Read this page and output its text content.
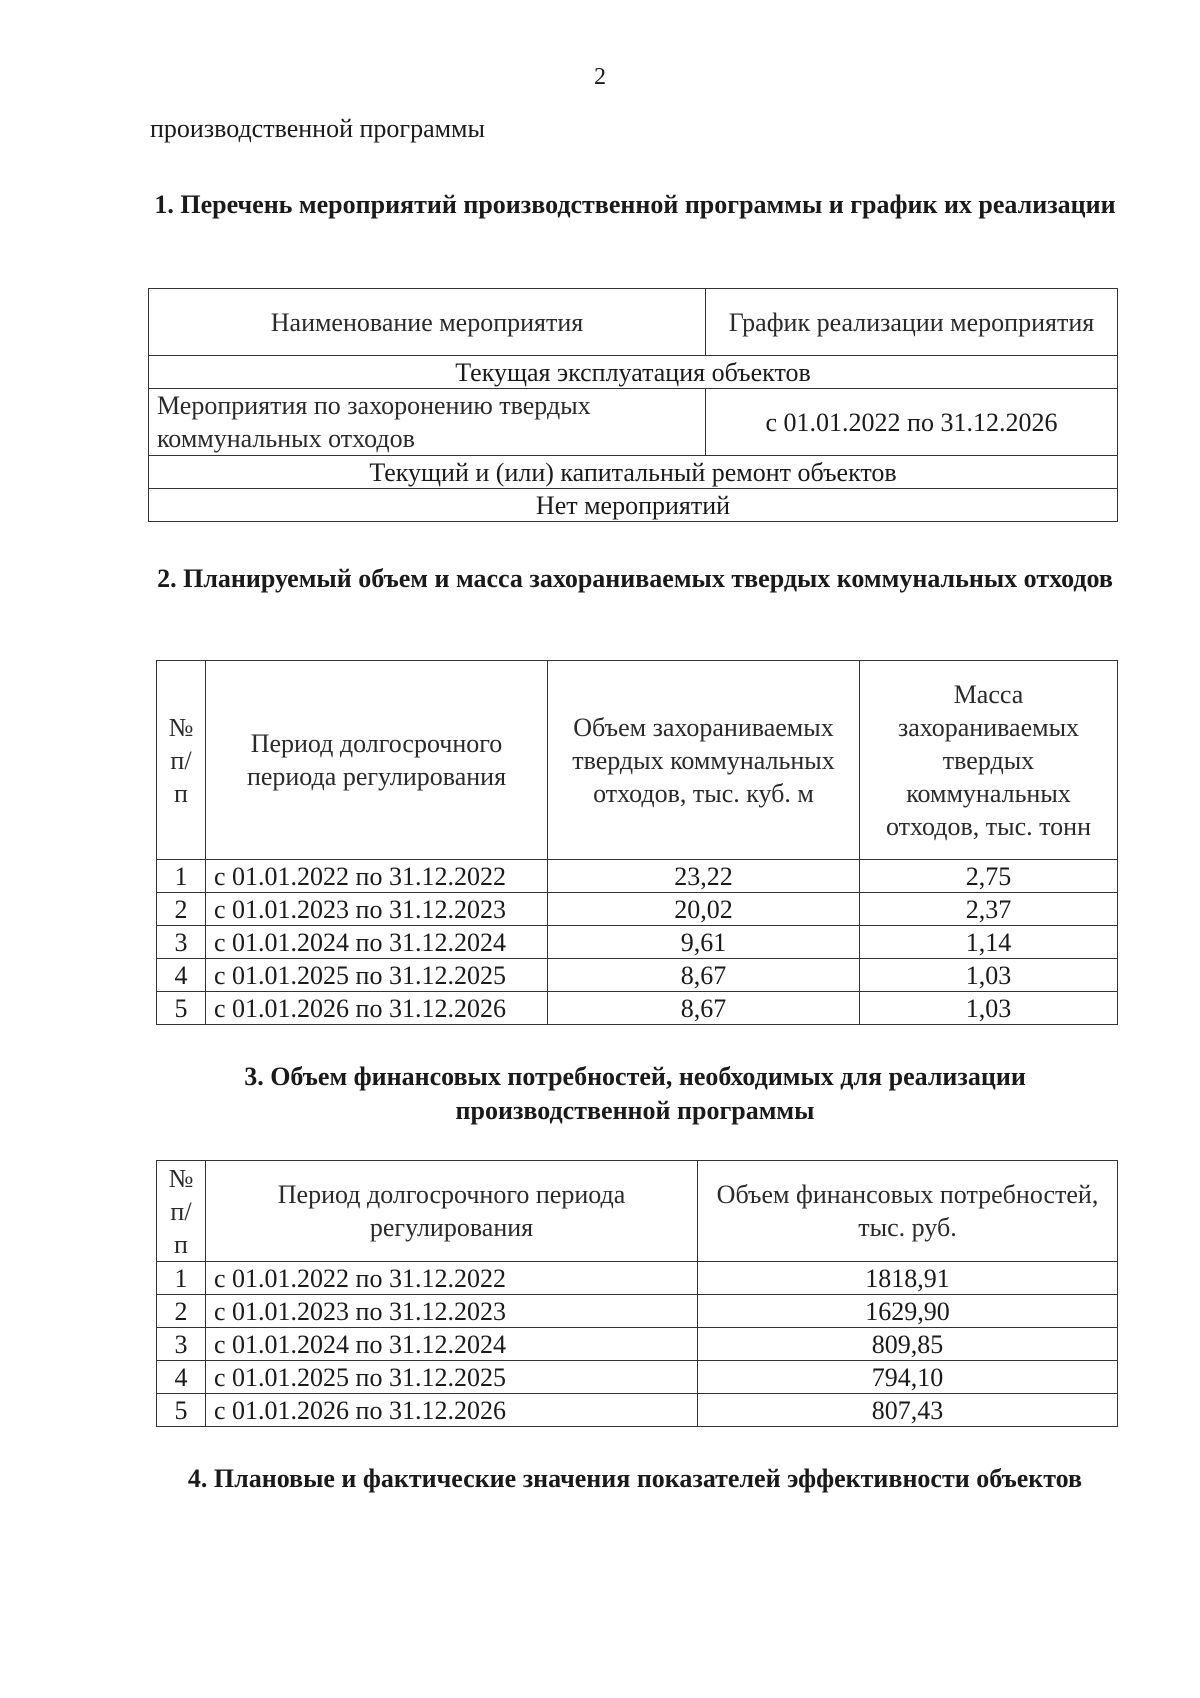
2
производственной программы
1. Перечень мероприятий производственной программы и график их реализации
Наименование мероприятия	График реализации мероприятия
Текущая эксплуатация объектов	
Мероприятия по захоронению твердых коммунальных отходов	с 01.01.2022 по 31.12.2026
Текущий и (или) капитальный ремонт объектов	
Нет мероприятий	
2. Планируемый объем и масса захораниваемых твердых коммунальных отходов
№ п/ п	Период долгосрочного периода регулирования	Объем захораниваемых твердых коммунальных отходов, тыс. куб. м	Масса захораниваемых твердых коммунальных отходов, тыс. тонн
1	с 01.01.2022 по 31.12.2022	23,22	2,75
2	с 01.01.2023 по 31.12.2023	20,02	2,37
3	с 01.01.2024 по 31.12.2024	9,61	1,14
4	с 01.01.2025 по 31.12.2025	8,67	1,03
5	с 01.01.2026 по 31.12.2026	8,67	1,03
3. Объем финансовых потребностей, необходимых для реализации производственной программы
№ п/ п	Период долгосрочного периода регулирования	Объем финансовых потребностей, тыс. руб.
1	с 01.01.2022 по 31.12.2022	1818,91
2	с 01.01.2023 по 31.12.2023	1629,90
3	с 01.01.2024 по 31.12.2024	809,85
4	с 01.01.2025 по 31.12.2025	794,10
5	с 01.01.2026 по 31.12.2026	807,43
4. Плановые и фактические значения показателей эффективности объектов
